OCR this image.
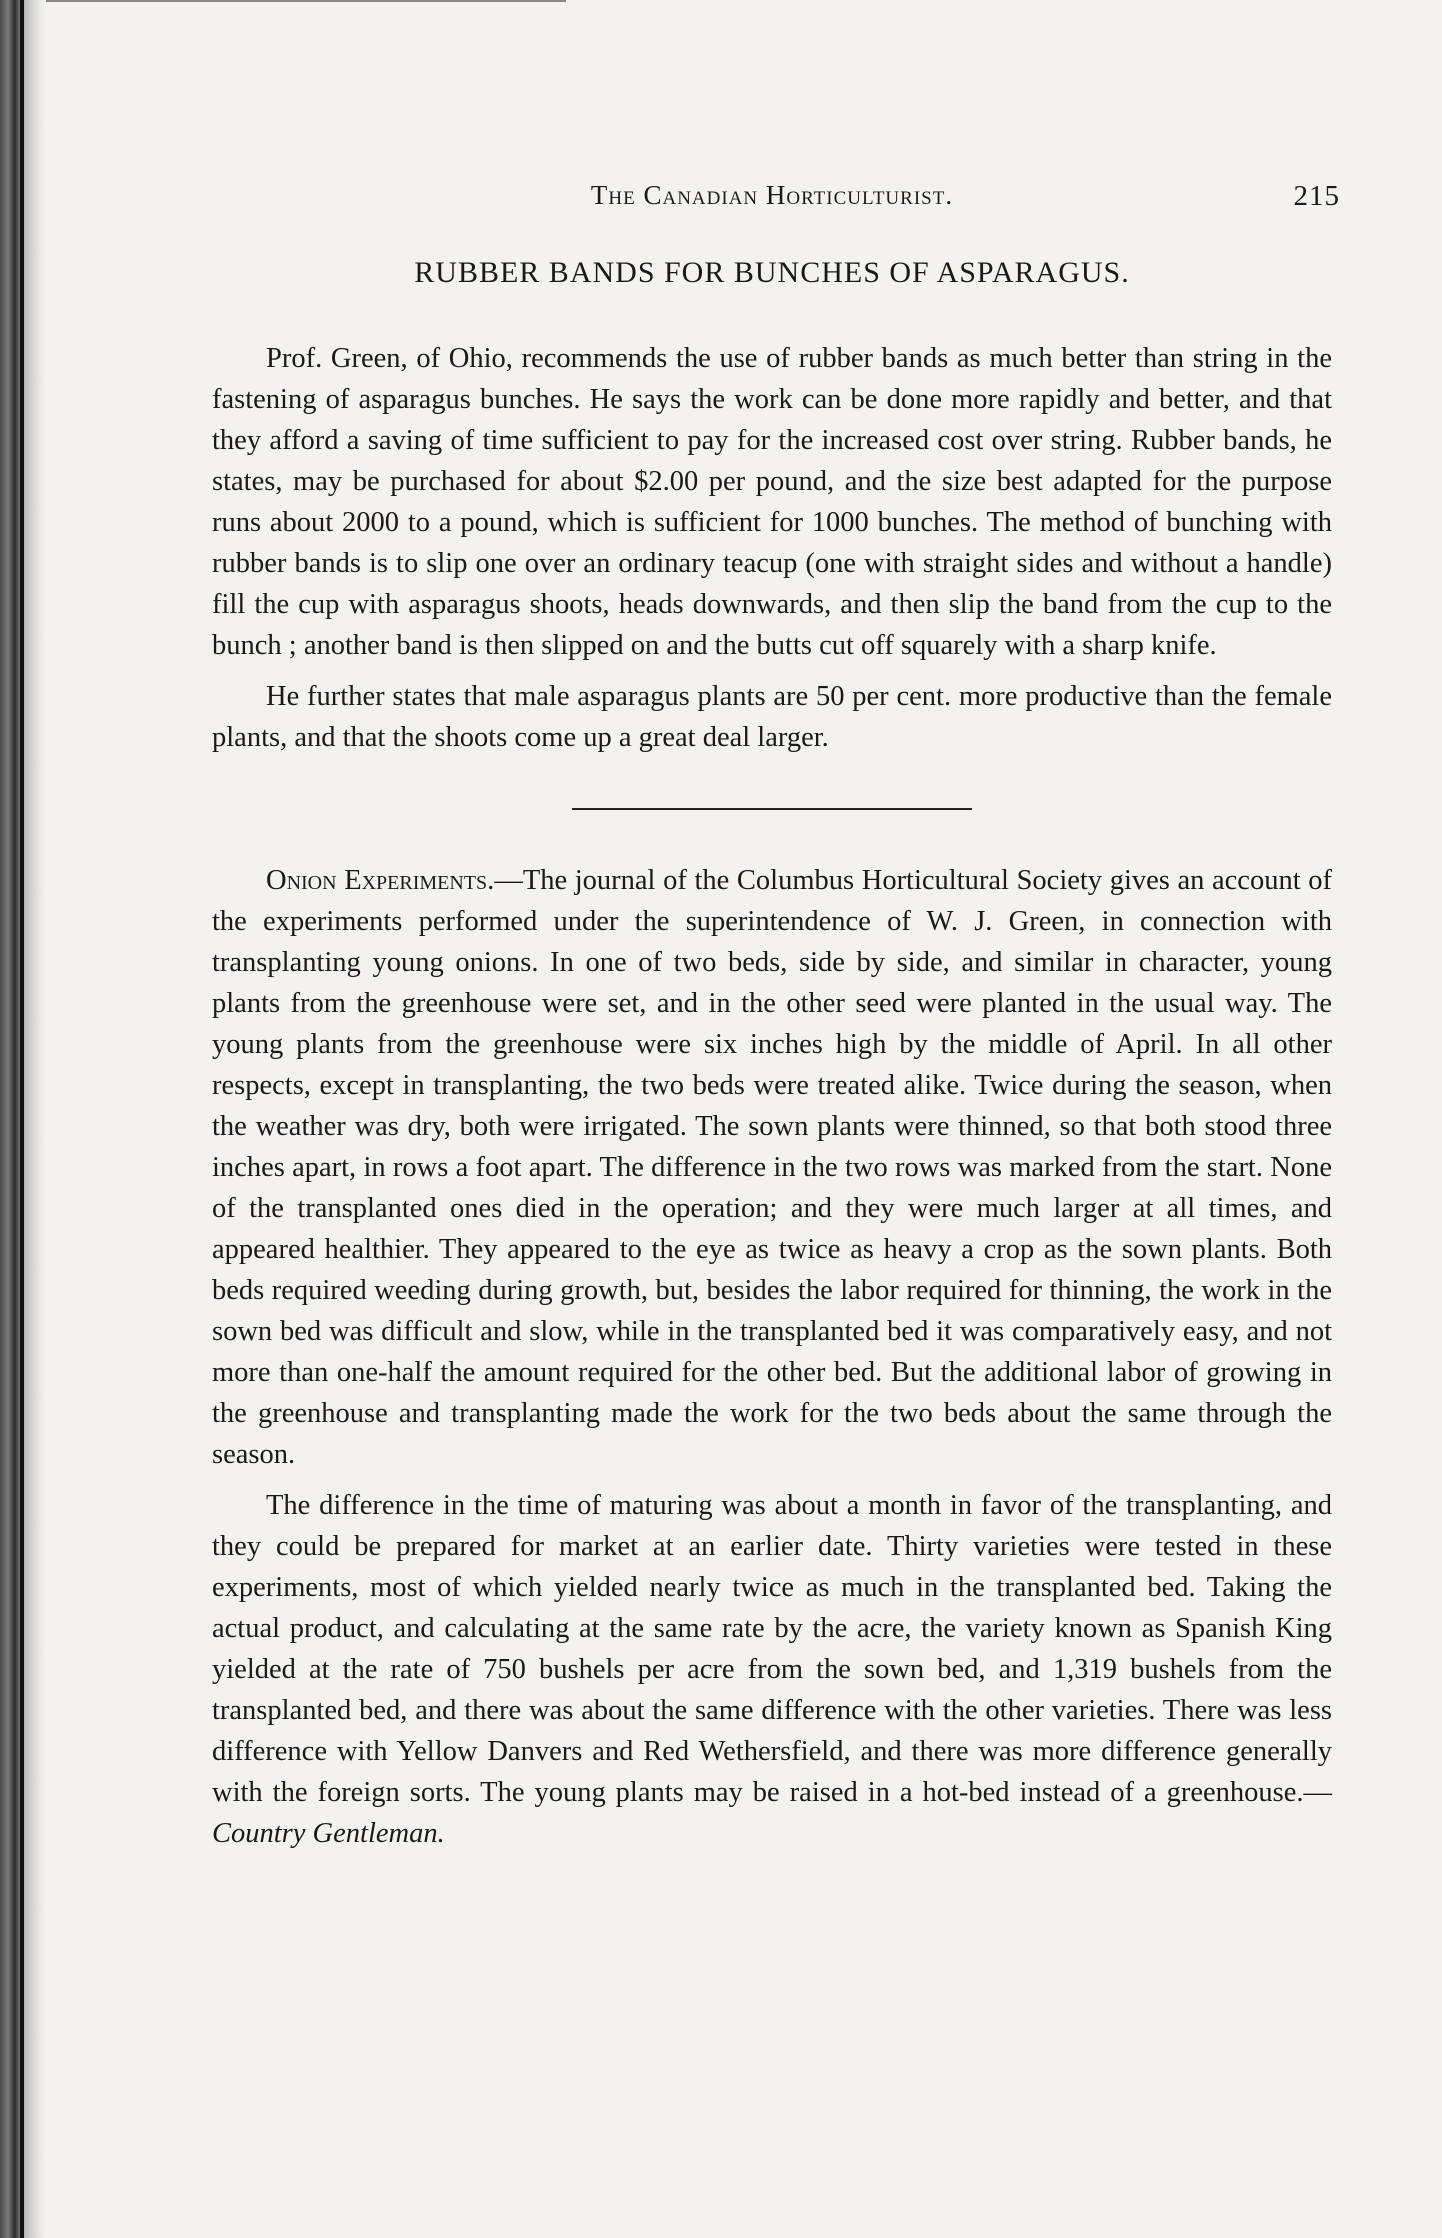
The Canadian Horticulturist.	215
RUBBER BANDS FOR BUNCHES OF ASPARAGUS.

Prof. Green, of Ohio, recommends the use of rubber bands as much better than string in the fastening of asparagus bunches. He says the work can be done more rapidly and better, and that they afford a saving of time sufficient to pay for the increased cost over string. Rubber bands, he states, may be purchased for about $2.00 per pound, and the size best adapted for the purpose runs about 2000 to a pound, which is sufficient for 1000 bunches. The method of bunching with rubber bands is to slip one over an ordinary teacup (one with straight sides and without a handle) fill the cup with asparagus shoots, heads downwards, and then slip the band from the cup to the bunch ; another band is then slipped on and the butts cut off squarely with a sharp knife.

He further states that male asparagus plants are 50 per cent. more productive than the female plants, and that the shoots come up a great deal larger.

Onion Experiments.—The journal of the Columbus Horticultural Society gives an account of the experiments performed under the superintendence of W. J. Green, in connection with transplanting young onions. In one of two beds, side by side, and similar in character, young plants from the greenhouse were set, and in the other seed were planted in the usual way. The young plants from the greenhouse were six inches high by the middle of April. In all other respects, except in transplanting, the two beds were treated alike. Twice during the season, when the weather was dry, both were irrigated. The sown plants were thinned, so that both stood three inches apart, in rows a foot apart. The difference in the two rows was marked from the start. None of the transplanted ones died in the operation; and they were much larger at all times, and appeared healthier. They appeared to the eye as twice as heavy a crop as the sown plants. Both beds required weeding during growth, but, besides the labor required for thinning, the work in the sown bed was difficult and slow, while in the transplanted bed it was comparatively easy, and not more than one-half the amount required for the other bed. But the additional labor of growing in the greenhouse and transplanting made the work for the two beds about the same through the season.

The difference in the time of maturing was about a month in favor of the transplanting, and they could be prepared for market at an earlier date. Thirty varieties were tested in these experiments, most of which yielded nearly twice as much in the transplanted bed. Taking the actual product, and calculating at the same rate by the acre, the variety known as Spanish King yielded at the rate of 750 bushels per acre from the sown bed, and 1,319 bushels from the transplanted bed, and there was about the same difference with the other varieties. There was less difference with Yellow Danvers and Red Wethersfield, and there was more difference generally with the foreign sorts. The young plants may be raised in a hot-bed instead of a greenhouse.—Country Gentleman.
